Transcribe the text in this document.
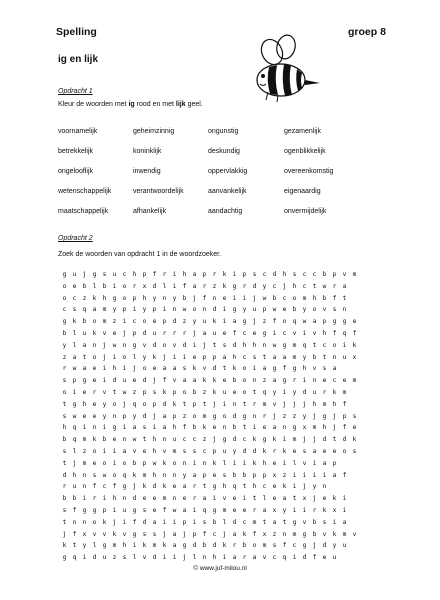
Spelling	groep 8
ig en lijk
Opdracht 1
Kleur de woorden met ig rood en met lijk geel.
voornamelijk	geheimzinnig	ongunstig	gezamenlijk
betrekkelijk	koninklijk	deskundig	ogenblikkelijk
ongelooflijk	inwendig	oppervlakkig	overeenkomstig
wetenschappelijk	verantwoordelijk	aanvankelijk	eigenaardig
maatschappelijk	afhankelijk	aandachtig	onvermijdelijk
Opdracht 2
Zoek de woorden van opdracht 1 in de woordzoeker.
g	u	j	g	s	u	c	h	p	f	r	i	h	a	p	r	k	i	p	s	c	d	h	s	c	c	b	p	v	m
o	e	b	l	b	i	o	r	x	d	l	i	f	a	r	z	k	g	r	d	y	c	j	h	c	t	w	r	a
o	c	z	k	h	g	o	p	h	y	n	y	b	j	f	n	e	i	i	j	w	b	c	o	m	h	b	f	t
c	s	q	a	m	y	p	i	y	p	i	n	w	o	n	d	i	g	y	u	p	w	e	b	y	o	v	s	n
g	k	b	o	m	z	i	c	o	e	p	d	z	y	u	k	i	a	g	j	z	f	o	q	w	a	p	g	g	e
b	l	u	k	v	e	j	p	d	u	r	r	r	j	a	u	e	f	c	e	g	i	c	v	i	v	h	f	q	f
y	l	a	n	j	w	n	g	v	d	o	v	d	i	j	t	s	d	h	h	n	w	g	m	q	t	c	o	i	k
z	a	t	o	j	i	o	l	y	k	j	i	i	e	p	p	a	h	c	s	t	a	a	m	y	b	t	n	u	x
r	w	a	e	i	h	i	j	o	e	a	a	s	k	v	d	t	k	o	i	a	g	f	g	h	v	s	a
s	p	g	e	i	d	u	e	d	j	f	v	a	a	k	k	e	b	o	n	z	a	g	r	i	n	e	c	e	m
o	i	e	r	v	t	w	z	p	s	k	p	o	b	z	k	u	e	o	t	q	y	i	y	d	u	r	k	m
t	g	h	e	y	o	j	q	o	p	d	k	t	p	t	j	i	n	t	r	m	v	j	j	j	h	m	h	f
s	w	e	e	y	n	p	y	d	j	a	p	z	o	m	g	o	d	g	n	r	j	z	z	y	j	g	j	p	s
h	q	i	n	i	g	i	a	s	i	a	h	f	b	k	e	n	b	t	i	e	a	n	g	x	m	h	j	f	e
b	q	m	k	b	e	n	w	t	h	n	u	c	c	z	j	g	d	c	k	g	k	i	m	j	j	d	t	d	k
s	l	z	o	i	i	a	v	e	h	v	m	s	s	c	p	u	y	d	d	k	r	k	e	s	a	e	e	o	s
t	j	m	e	o	i	o	b	p	w	k	o	n	i	n	k	l	i	i	k	h	e	i	l	v	i	a	p
d	h	n	s	w	o	q	k	m	h	n	n	y	a	p	e	s	b	b	p	p	x	z	i	i	i	i	a	f
r	u	n	f	c	f	g	j	k	d	k	e	a	r	t	g	h	q	t	h	c	e	k	i	j	y	n
b	b	i	r	i	h	n	d	e	e	m	n	e	r	a	i	v	e	i	t	l	e	a	t	x	j	e	k	i
s	f	g	g	p	i	u	g	s	e	f	w	a	i	q	g	m	e	e	r	a	x	y	i	i	r	k	x	i
t	n	n	o	k	j	i	f	d	a	i	i	p	i	s	b	l	d	c	m	t	a	t	g	v	b	s	i	a
j	f	x	v	v	k	v	g	s	s	j	a	j	p	f	c	j	a	k	f	x	z	n	m	g	b	v	k	m	v
k	t	y	l	g	m	h	i	k	m	k	a	g	d	b	d	k	r	b	o	m	s	f	c	g	j	d	y	u
g	q	i	d	u	z	s	l	v	d	i	i	j	l	n	h	i	a	r	a	v	c	q	i	d	f	e	u
© www.juf-milou.nl
